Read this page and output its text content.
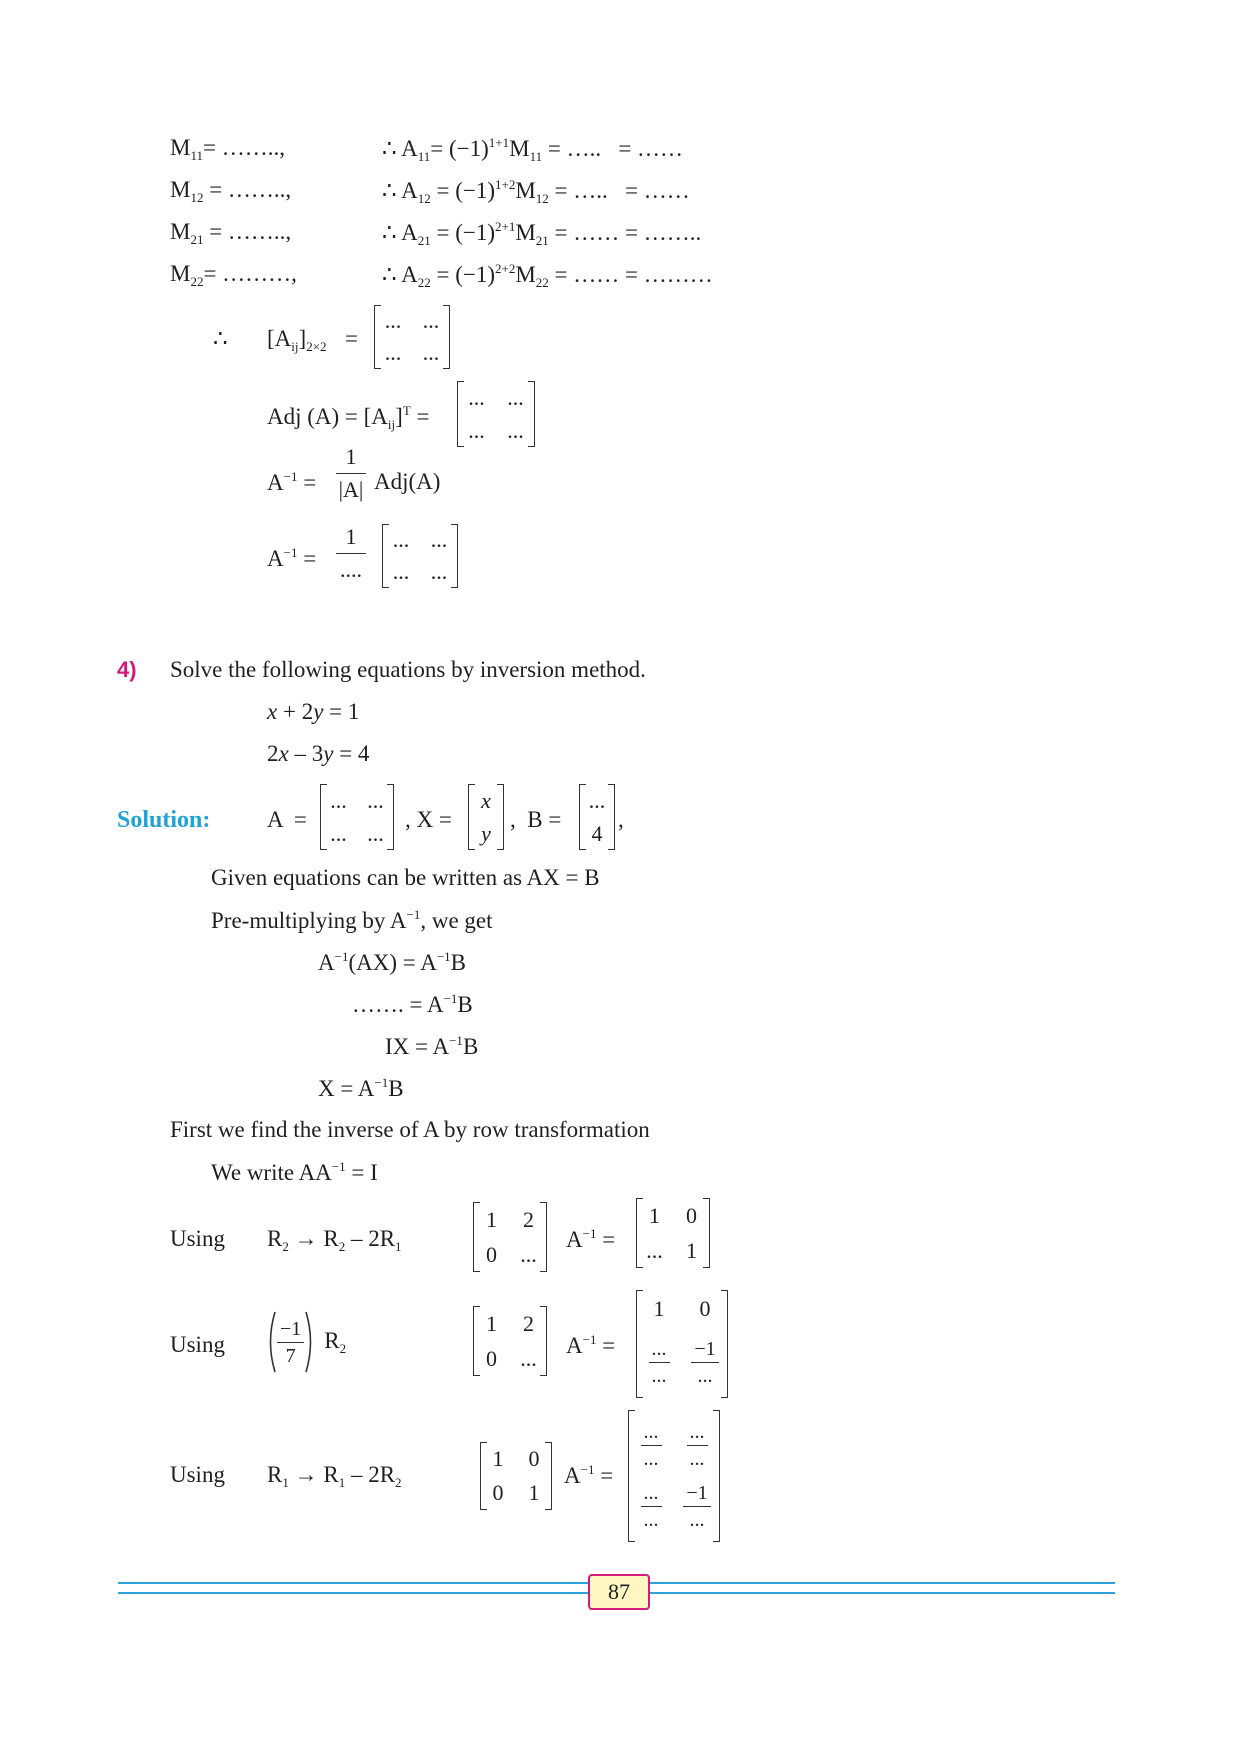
$M_{11}=$ ……..,	∴ $A_{11}= (-1)^{1+1}M_{11}$ = …..   = ……
$M_{12}$ = ……..,	∴ $A_{12} = (-1)^{1+2}M_{12}$ = …..   = ……
$M_{21}$ = ……..,	∴ $A_{21} = (-1)^{2+1}M_{21}$ = …… = ……..
$M_{22}=$ ………,	∴ $A_{22} = (-1)^{2+2}M_{22}$ = …… = ………
∴ $[A_{ij}]_{2\times 2}$ =
... ...
... ...
Adj $(A) = [A_{ij}]^T$ =
... ...
... ...
$A^{-1}$ =
1
|A| Adj(A)
$A^{-1}$ =
1
....
... ...
... ...
4) Solve the following equations by inversion method.
x + 2y = 1
2x – 3y = 4
Solution: A  =
... ...
... ...
, X =
x
y
,  B =
...
4
,
Given equations can be written as AX = B
Pre-multiplying by $A^{-1}$, we get
$A^{-1}(AX) = A^{-1}B$
……. = $A^{-1}B$
IX = $A^{-1}B$
$X = A^{-1}B$
First we find the inverse of A by row transformation
We write $AA^{-1} = I$
Using $R_2 \to R_2 - 2R_1$
1 2
0 ...
$A^{-1}$ =
1 0
... 1
Using	$\frac{-1}{7} R_2$
1 2
0 ... $A^{-1}$ =
1 0
$\frac{...}{...} \frac{-1}{...}$
Using $R_1 \to R_1 - 2R_2$
1 0
0 1
$A^{-1}$ =
$\frac{...}{...} \frac{...}{...}$
$\frac{...}{...} \frac{-1}{...}$
87
